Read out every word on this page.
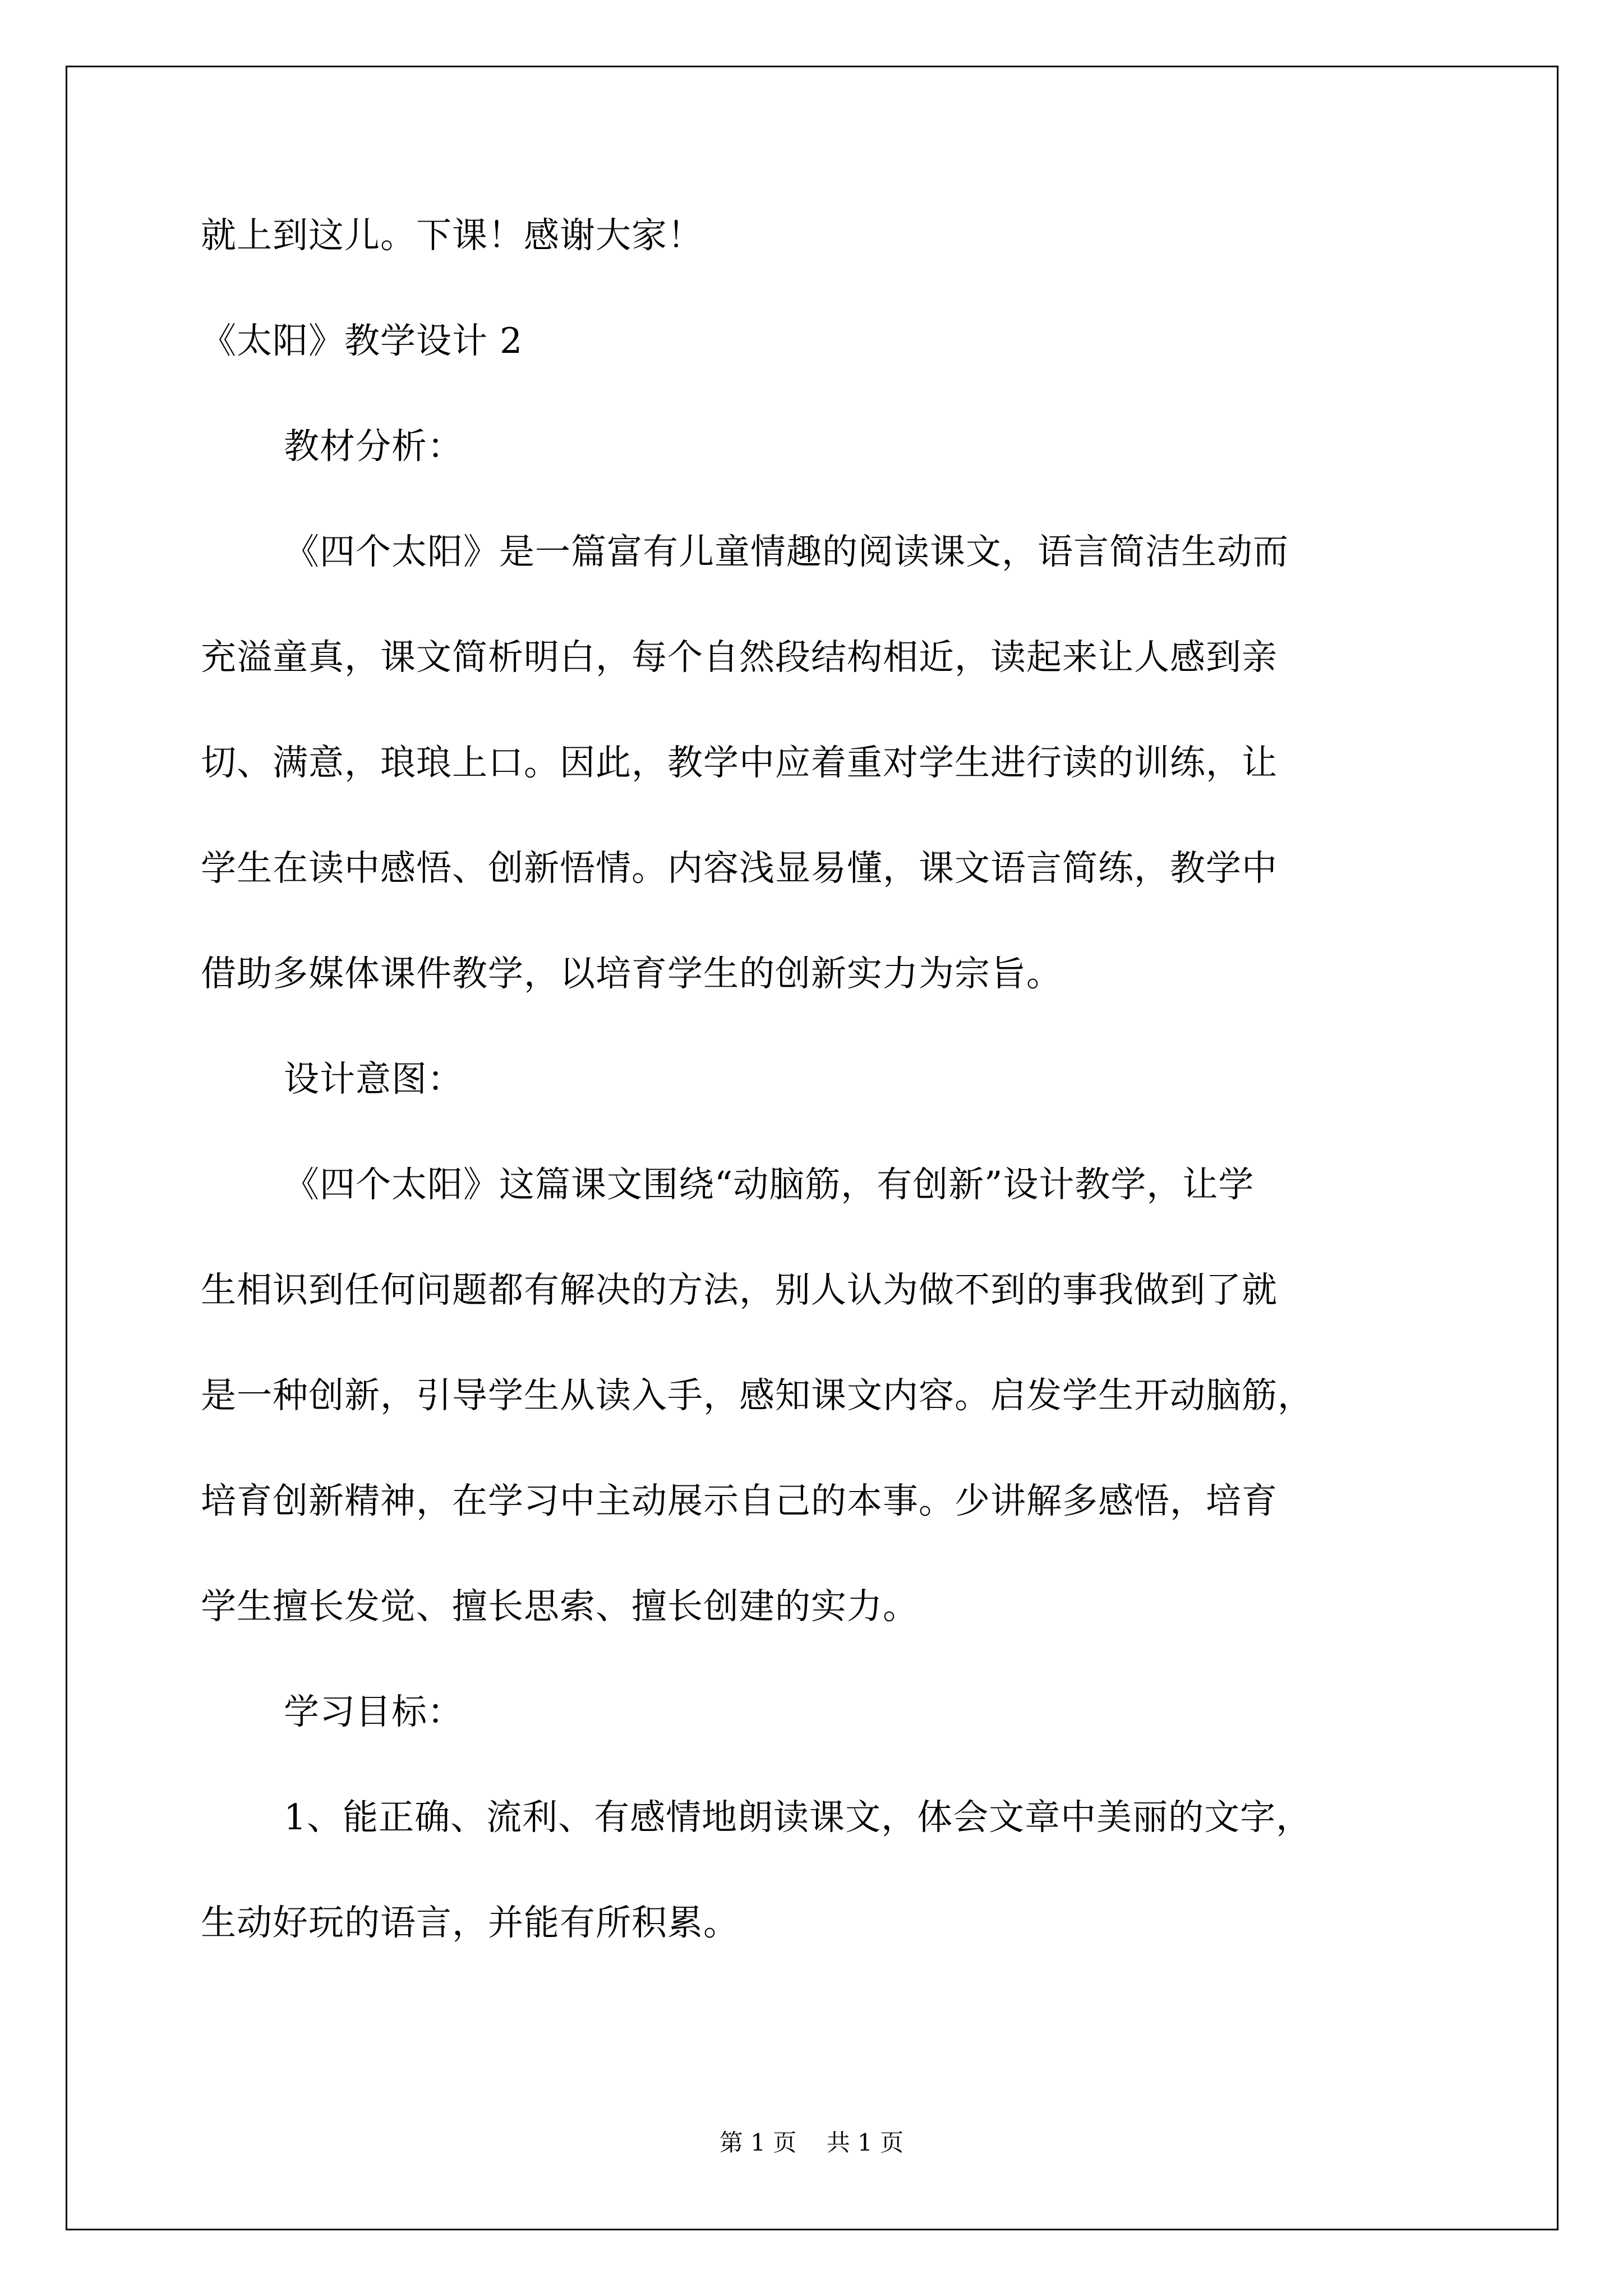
就上到这儿。下课！感谢大家！
《太阳》教学设计 2
教材分析：
《四个太阳》是一篇富有儿童情趣的阅读课文，语言简洁生动而
充溢童真，课文简析明白，每个自然段结构相近，读起来让人感到亲
切、满意，琅琅上口。因此，教学中应着重对学生进行读的训练，让
学生在读中感悟、创新悟情。内容浅显易懂，课文语言简练，教学中
借助多媒体课件教学，以培育学生的创新实力为宗旨。
设计意图：
《四个太阳》这篇课文围绕“动脑筋，有创新”设计教学，让学
生相识到任何问题都有解决的方法，别人认为做不到的事我做到了就
是一种创新，引导学生从读入手，感知课文内容。启发学生开动脑筋，
培育创新精神，在学习中主动展示自己的本事。少讲解多感悟，培育
学生擅长发觉、擅长思索、擅长创建的实力。
学习目标：
1、能正确、流利、有感情地朗读课文，体会文章中美丽的文字，
生动好玩的语言，并能有所积累。
第 1 页    共 1 页
